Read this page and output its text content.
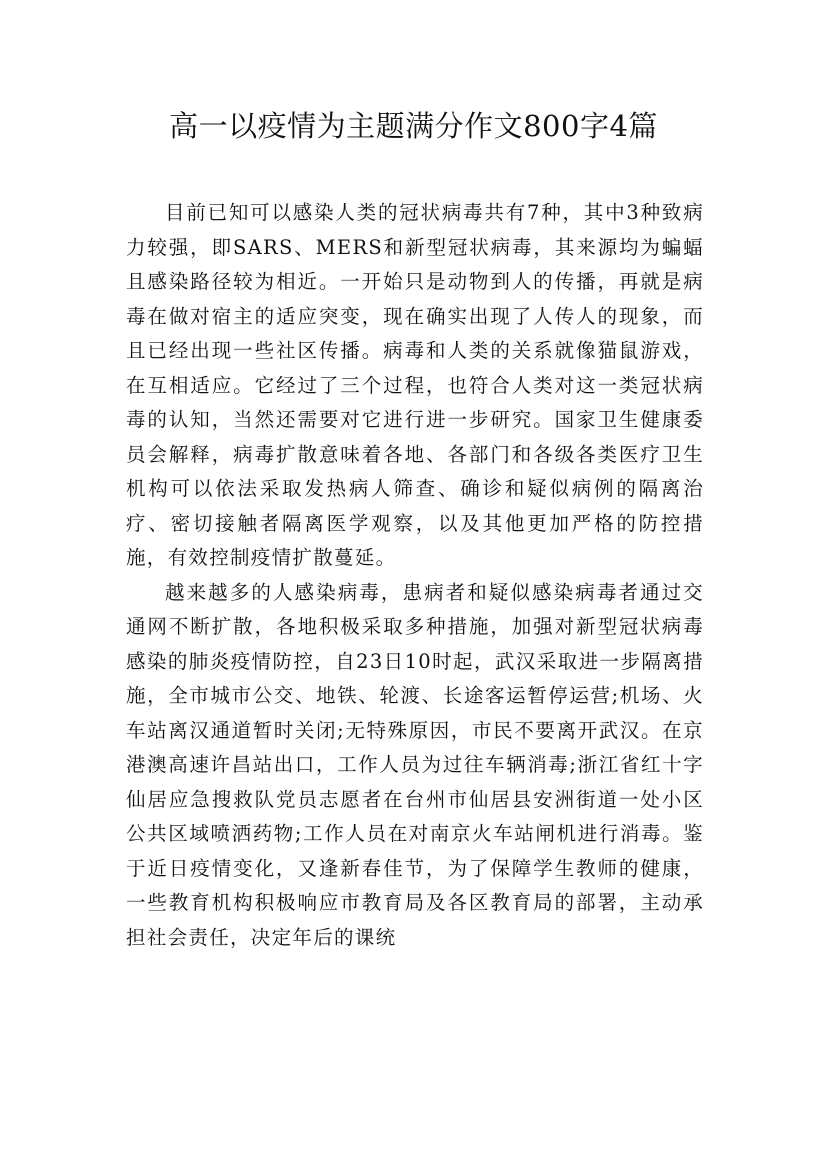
高一以疫情为主题满分作文800字4篇

目前已知可以感染人类的冠状病毒共有7种，其中3种致病力较强，即SARS、MERS和新型冠状病毒，其来源均为蝙蝠且感染路径较为相近。一开始只是动物到人的传播，再就是病毒在做对宿主的适应突变，现在确实出现了人传人的现象，而且已经出现一些社区传播。病毒和人类的关系就像猫鼠游戏，在互相适应。它经过了三个过程，也符合人类对这一类冠状病毒的认知，当然还需要对它进行进一步研究。国家卫生健康委员会解释，病毒扩散意味着各地、各部门和各级各类医疗卫生机构可以依法采取发热病人筛查、确诊和疑似病例的隔离治疗、密切接触者隔离医学观察，以及其他更加严格的防控措施，有效控制疫情扩散蔓延。

越来越多的人感染病毒，患病者和疑似感染病毒者通过交通网不断扩散，各地积极采取多种措施，加强对新型冠状病毒感染的肺炎疫情防控，自23日10时起，武汉采取进一步隔离措施，全市城市公交、地铁、轮渡、长途客运暂停运营;机场、火车站离汉通道暂时关闭;无特殊原因，市民不要离开武汉。在京港澳高速许昌站出口，工作人员为过往车辆消毒;浙江省红十字仙居应急搜救队党员志愿者在台州市仙居县安洲街道一处小区公共区域喷洒药物;工作人员在对南京火车站闸机进行消毒。鉴于近日疫情变化，又逢新春佳节，为了保障学生教师的健康，一些教育机构积极响应市教育局及各区教育局的部署，主动承担社会责任，决定年后的课统
